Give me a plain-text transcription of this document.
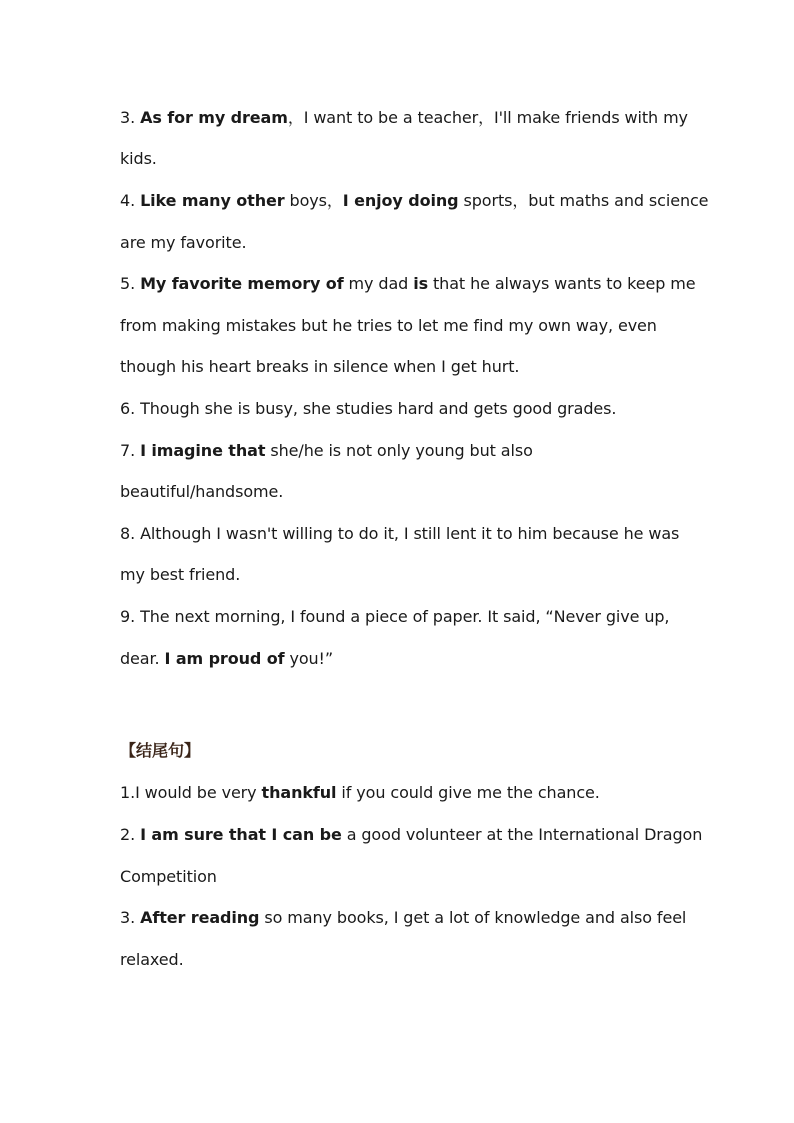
3. As for my dream，I want to be a teacher，I'll make friends with my
kids.
4. Like many other boys，I enjoy doing sports，but maths and science
are my favorite.
5. My favorite memory of my dad is that he always wants to keep me
from making mistakes but he tries to let me find my own way, even
though his heart breaks in silence when I get hurt.
6. Though she is busy, she studies hard and gets good grades.
7. I imagine that she/he is not only young but also
beautiful/handsome.
8. Although I wasn't willing to do it, I still lent it to him because he was
my best friend.
9. The next morning, I found a piece of paper. It said, “Never give up,
dear. I am proud of you!”
【结尾句】
1.I would be very thankful if you could give me the chance.
2. I am sure that I can be a good volunteer at the International Dragon
Competition
3. After reading so many books, I get a lot of knowledge and also feel
relaxed.
